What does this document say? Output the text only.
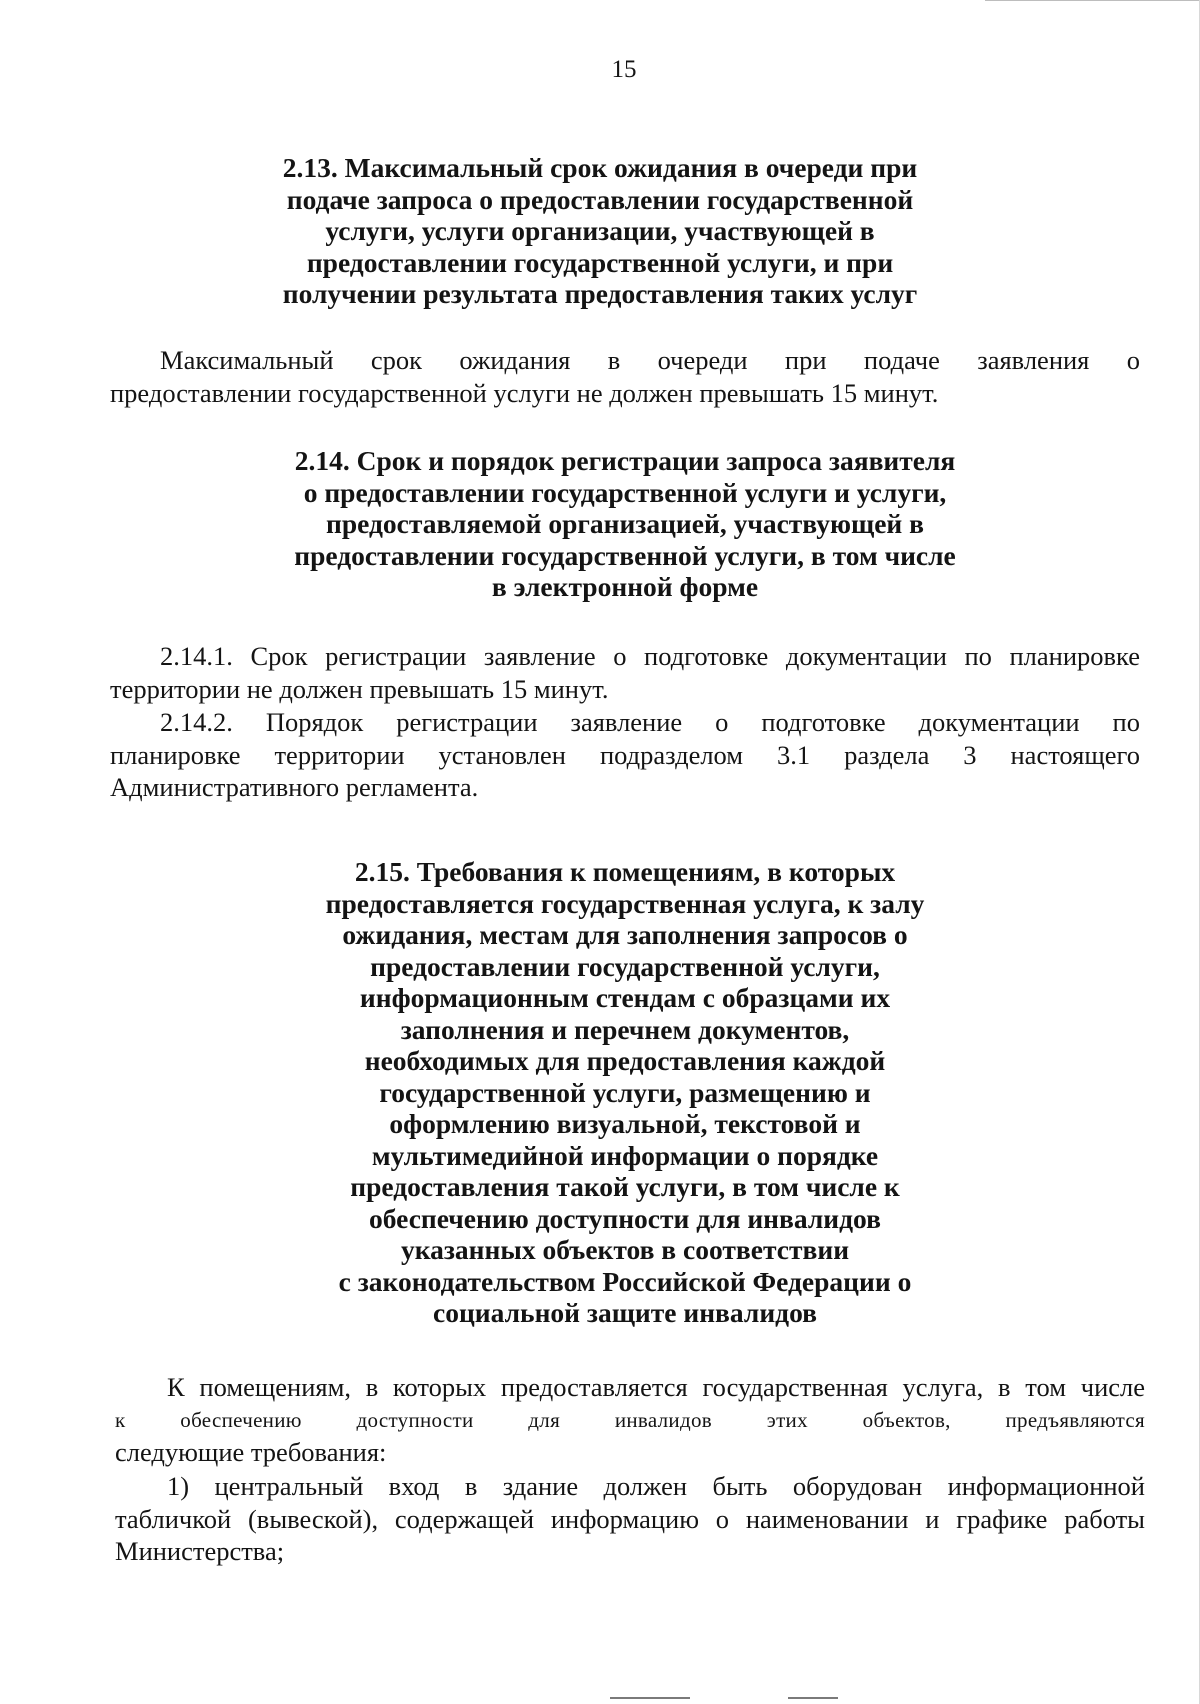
15
2.13. Максимальный срок ожидания в очереди при
подаче запроса о предоставлении государственной
услуги, услуги организации, участвующей в
предоставлении государственной услуги, и при
получении результата предоставления таких услуг

Максимальный срок ожидания в очереди при подаче заявления о
предоставлении государственной услуги не должен превышать 15 минут.

2.14. Срок и порядок регистрации запроса заявителя
о предоставлении государственной услуги и услуги,
предоставляемой организацией, участвующей в
предоставлении государственной услуги, в том числе
в электронной форме

2.14.1. Срок регистрации заявление о подготовке документации по планировке
территории не должен превышать 15 минут.

2.14.2. Порядок регистрации заявление о подготовке документации по
планировке территории установлен подразделом 3.1 раздела 3 настоящего
Административного регламента.

2.15. Требования к помещениям, в которых
предоставляется государственная услуга, к залу
ожидания, местам для заполнения запросов о
предоставлении государственной услуги,
информационным стендам с образцами их
заполнения и перечнем документов,
необходимых для предоставления каждой
государственной услуги, размещению и
оформлению визуальной, текстовой и
мультимедийной информации о порядке
предоставления такой услуги, в том числе к
обеспечению доступности для инвалидов
указанных объектов в соответствии
с законодательством Российской Федерации о
социальной защите инвалидов

К помещениям, в которых предоставляется государственная услуга, в том числе
к обеспечению доступности для инвалидов этих объектов, предъявляются
следующие требования:

1) центральный вход в здание должен быть оборудован информационной
табличкой (вывеской), содержащей информацию о наименовании и графике работы
Министерства;
